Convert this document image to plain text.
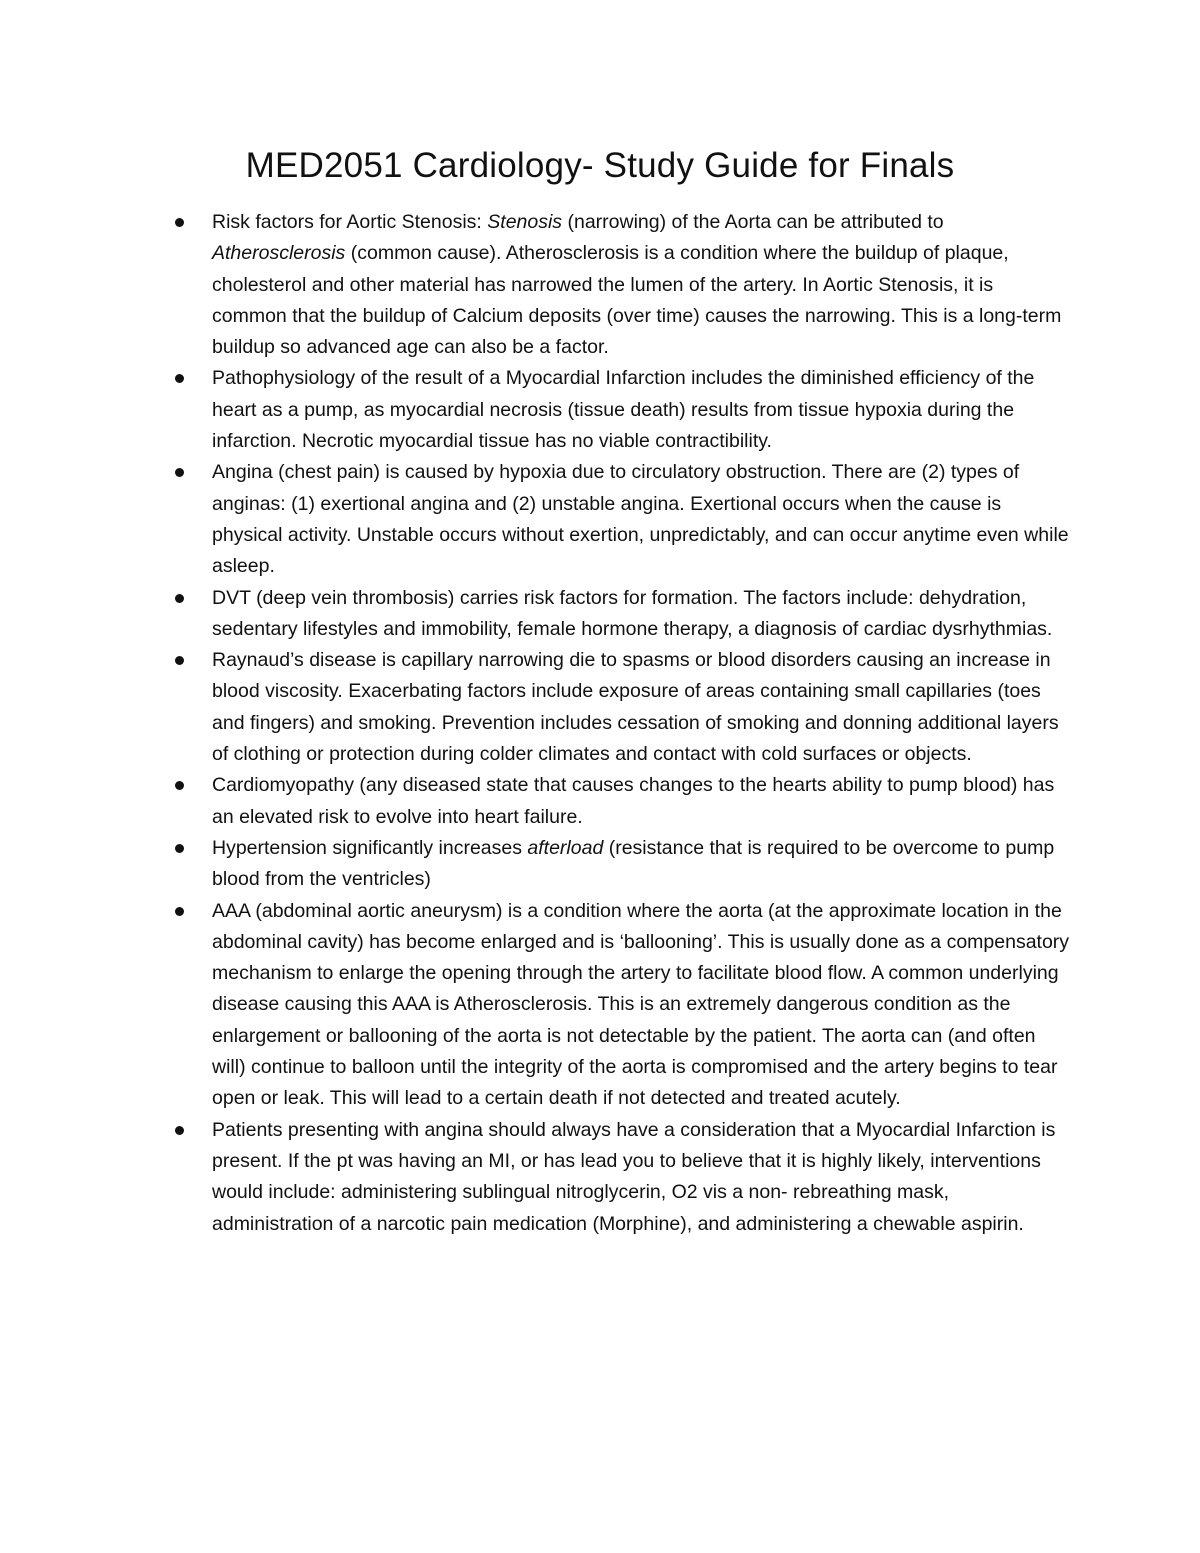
MED2051 Cardiology- Study Guide for Finals
Risk factors for Aortic Stenosis: Stenosis (narrowing) of the Aorta can be attributed to Atherosclerosis (common cause). Atherosclerosis is a condition where the buildup of plaque, cholesterol and other material has narrowed the lumen of the artery. In Aortic Stenosis, it is common that the buildup of Calcium deposits (over time) causes the narrowing. This is a long-term buildup so advanced age can also be a factor.
Pathophysiology of the result of a Myocardial Infarction includes the diminished efficiency of the heart as a pump, as myocardial necrosis (tissue death) results from tissue hypoxia during the infarction. Necrotic myocardial tissue has no viable contractibility.
Angina (chest pain) is caused by hypoxia due to circulatory obstruction. There are (2) types of anginas: (1) exertional angina and (2) unstable angina. Exertional occurs when the cause is physical activity. Unstable occurs without exertion, unpredictably, and can occur anytime even while asleep.
DVT (deep vein thrombosis) carries risk factors for formation. The factors include: dehydration, sedentary lifestyles and immobility, female hormone therapy, a diagnosis of cardiac dysrhythmias.
Raynaud’s disease is capillary narrowing die to spasms or blood disorders causing an increase in blood viscosity. Exacerbating factors include exposure of areas containing small capillaries (toes and fingers) and smoking. Prevention includes cessation of smoking and donning additional layers of clothing or protection during colder climates and contact with cold surfaces or objects.
Cardiomyopathy (any diseased state that causes changes to the hearts ability to pump blood) has an elevated risk to evolve into heart failure.
Hypertension significantly increases afterload (resistance that is required to be overcome to pump blood from the ventricles)
AAA (abdominal aortic aneurysm) is a condition where the aorta (at the approximate location in the abdominal cavity) has become enlarged and is ‘ballooning’. This is usually done as a compensatory mechanism to enlarge the opening through the artery to facilitate blood flow. A common underlying disease causing this AAA is Atherosclerosis. This is an extremely dangerous condition as the enlargement or ballooning of the aorta is not detectable by the patient. The aorta can (and often will) continue to balloon until the integrity of the aorta is compromised and the artery begins to tear open or leak. This will lead to a certain death if not detected and treated acutely.
Patients presenting with angina should always have a consideration that a Myocardial Infarction is present. If the pt was having an MI, or has lead you to believe that it is highly likely, interventions would include: administering sublingual nitroglycerin, O2 vis a non- rebreathing mask, administration of a narcotic pain medication (Morphine), and administering a chewable aspirin.
